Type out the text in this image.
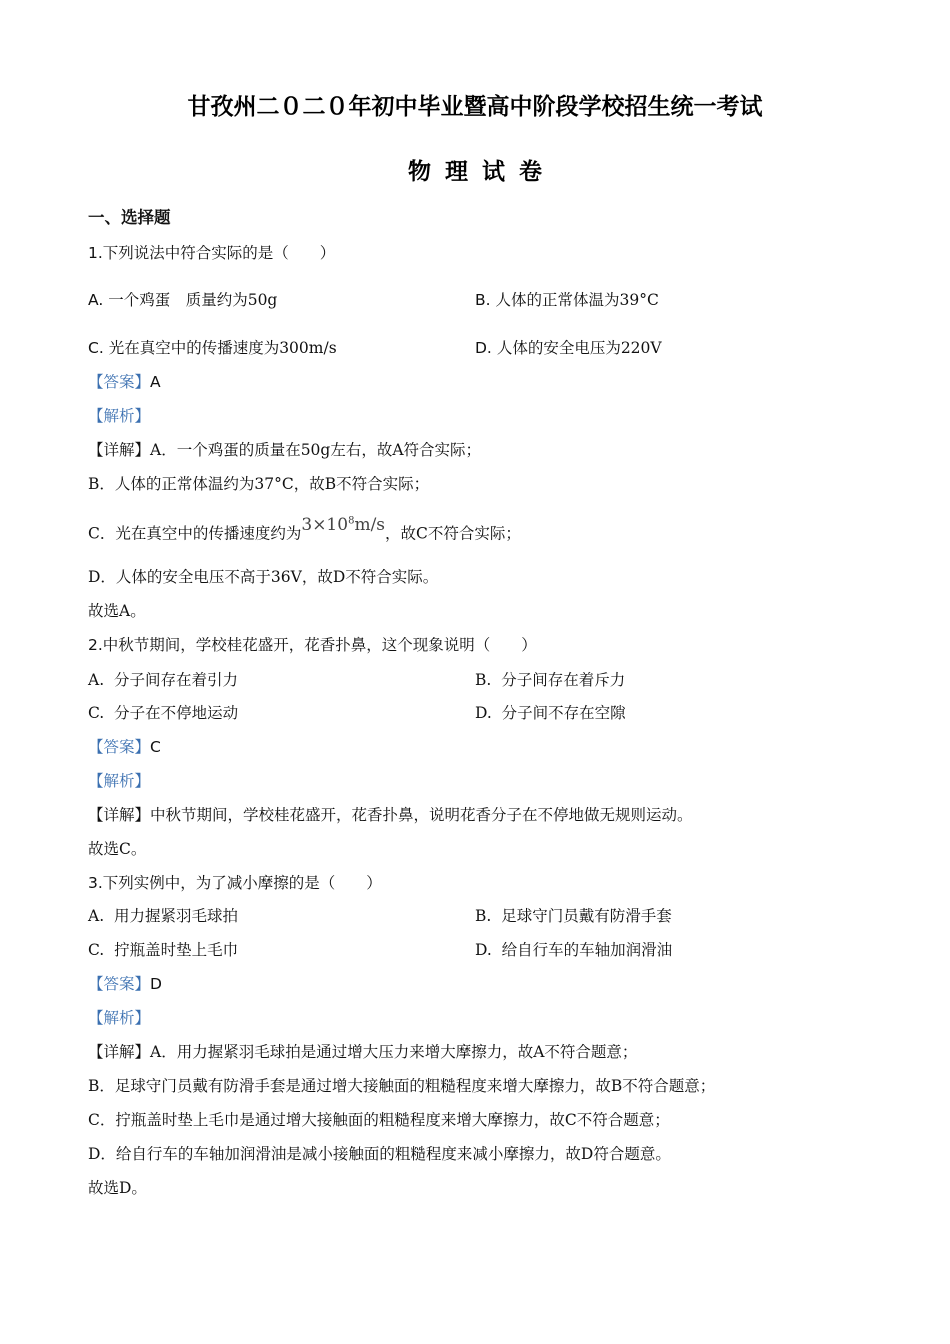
甘孜州二０二０年初中毕业暨高中阶段学校招生统一考试
物理试卷
一、选择题
1.下列说法中符合实际的是（　　）
A. 一个鸡蛋　质量约为50g	B. 人体的正常体温为39°C
C. 光在真空中的传播速度为300m/s	D. 人体的安全电压为220V
【答案】A
【解析】
【详解】A．一个鸡蛋的质量在50g左右，故A符合实际；
B．人体的正常体温约为37°C，故B不符合实际；
C．光在真空中的传播速度约为$3\times 10^8m/s$，故C不符合实际；
D．人体的安全电压不高于36V，故D不符合实际。
故选A。
2.中秋节期间，学校桂花盛开，花香扑鼻，这个现象说明（　　）
A. 分子间存在着引力	B. 分子间存在着斥力
C. 分子在不停地运动	D. 分子间不存在空隙
【答案】C
【解析】
【详解】中秋节期间，学校桂花盛开，花香扑鼻，说明花香分子在不停地做无规则运动。
故选C。
3.下列实例中，为了减小摩擦的是（　　）
A. 用力握紧羽毛球拍	B. 足球守门员戴有防滑手套
C. 拧瓶盖时垫上毛巾	D. 给自行车的车轴加润滑油
【答案】D
【解析】
【详解】A．用力握紧羽毛球拍是通过增大压力来增大摩擦力，故A不符合题意；
B．足球守门员戴有防滑手套是通过增大接触面的粗糙程度来增大摩擦力，故B不符合题意；
C．拧瓶盖时垫上毛巾是通过增大接触面的粗糙程度来增大摩擦力，故C不符合题意；
D．给自行车的车轴加润滑油是减小接触面的粗糙程度来减小摩擦力，故D符合题意。
故选D。
